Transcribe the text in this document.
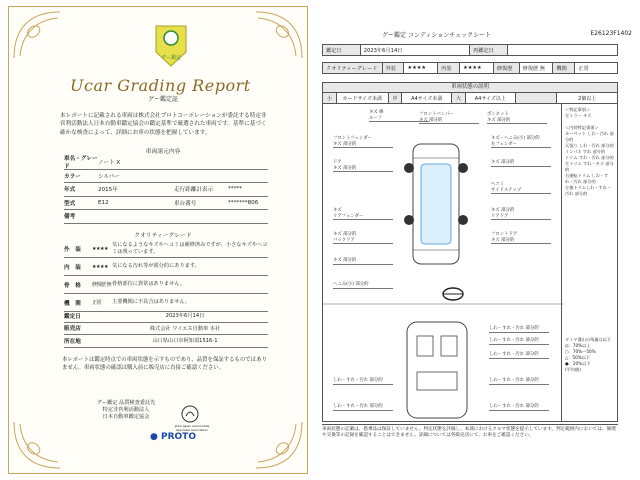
グー鑑定
Ucar Grading Report
グー鑑定証
本レポートに記載される車両は株式会社プロトコーポレーションが委託する特定非営利活動法人日本自動車鑑定協会の鑑定基準で厳選された車両です。基準に基づく確かな検査によって、詳細にお車の状態を把握しています。
車両諸元内容
車名・グレード
ノート X
カラー	シルバー
年式	2015年	走行距離計表示	*****
型式	E12	車台番号	*******806
備考
クオリティーグレード
外　装	★★★★
気になるようなキズやヘコミは補修済みですが、小さなキズやヘコミは残っています。
内　装	★★★★ 気になる汚れ等が部分的にあります。
骨　格	修復歴 無 骨格部位に異常はありません。
機　関	正常	主要機関に不具合はありません。
鑑定日	2023年6月14日
販売店	株式会社 ワイエス自動車 本社
所在地	山口県山口市阿知須1516-1
本レポートは鑑定時点での車両状態を示すものであり、品質を保証するものではありません。車両状態の確認は購入前に販売店に直接ご確認ください。
グー鑑定 品質検査委託先
特定非営利活動法人
日本自動車鑑定協会
JAAA Japan Automobile Appraisal Association
● PROTO
グー鑑定 コンディションチェックシート	E26123F1402
鑑定日	2023年6月14日	再鑑定日
クオリティーグレード	外装	★★★★	内装	★★★★	修復歴	修復歴 無	機関	正常
車両状態の説明
小	カードサイズ未満	中	A4サイズ未満	大	A4サイズ以上	2個以上
フロントバンパー
キズ 部分的
キズ 修
ルーフ
ボンネット
キズ 部分的
フロントフェンダー
キズ 部分的
キズ・へこみ(小) 部分的
左フェンダー
キズ 部分的
ヘコミ
サイドステップ
ドア
キズ 部分的
キズ 部分的
リアドア
キズ
リアフェンダー
フロントドア
キズ 部分的
キズ 部分的
バックドア
キズ 部分的
へこみ(小) 部分的
しわ・すれ・汚れ 部分的
しわ・すれ・汚れ 部分的
しわ・すれ・汚れ 部分的
しわ・すれ・汚れ 部分的	しわ・すれ・汚れ 部分的
しわ・すれ・汚れ 部分的	しわ・すれ・汚れ 部分的
＜特記事項＞
左ミラー キズ

＜内装特記事項＞
カーペット しわ・汚れ 部分的
天張り しわ・汚れ 部分的
インパネ すれ 部分的
トリム すれ・汚れ 部分的
左トリム すれ・キズ 部分的
右運転トリム しわ・すれ・汚れ 部分的
左後トリムしわ・すれ・汚れ 部分的
タイヤ溝山の残量は以下
◎：70%以上
○：70%〜50%
△：50%以下
●：20%以下
(平均値)
車両状態の記載は、搭乗品は保証していません。判定状態を評価し、本部におけるクルマ状態を提示しています。判定範囲内においては、修理や交換等の記録を確認することはできません。詳細については各販売店にて、お車をご確認ください。
